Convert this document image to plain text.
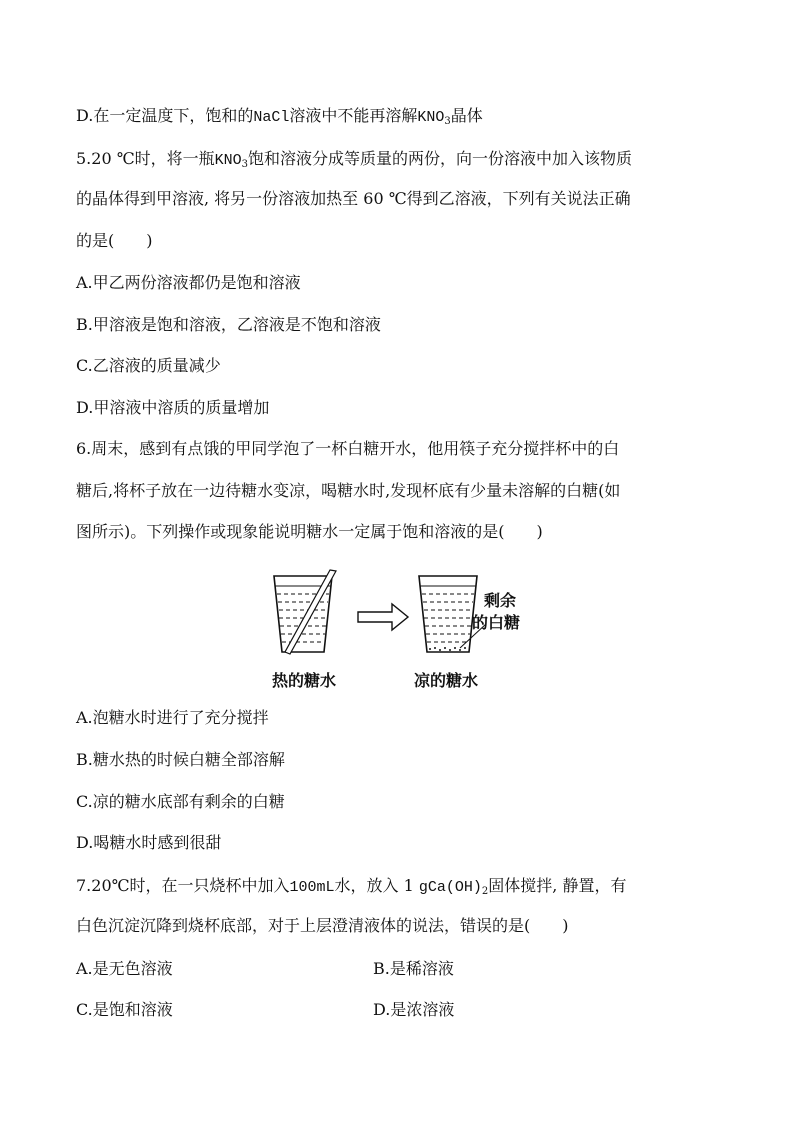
D.在一定温度下，饱和的NaCl溶液中不能再溶解$KNO_3$晶体
5.20 ℃时，将一瓶$KNO_3$饱和溶液分成等质量的两份，向一份溶液中加入该物质
的晶体得到甲溶液, 将另一份溶液加热至 60 ℃得到乙溶液，下列有关说法正确
的是(　　)
A.甲乙两份溶液都仍是饱和溶液
B.甲溶液是饱和溶液，乙溶液是不饱和溶液
C.乙溶液的质量减少
D.甲溶液中溶质的质量增加
6.周末，感到有点饿的甲同学泡了一杯白糖开水，他用筷子充分搅拌杯中的白
糖后,将杯子放在一边待糖水变凉，喝糖水时,发现杯底有少量未溶解的白糖(如
图所示)。下列操作或现象能说明糖水一定属于饱和溶液的是(　　)
热的糖水	凉的糖水
剩余
的白糖
A.泡糖水时进行了充分搅拌
B.糖水热的时候白糖全部溶解
C.凉的糖水底部有剩余的白糖
D.喝糖水时感到很甜
7.20℃时，在一只烧杯中加入100mL水，放入 1 $gCa(OH)_2$固体搅拌, 静置，有
白色沉淀沉降到烧杯底部，对于上层澄清液体的说法，错误的是(　　)
A.是无色溶液	B.是稀溶液
C.是饱和溶液	D.是浓溶液
